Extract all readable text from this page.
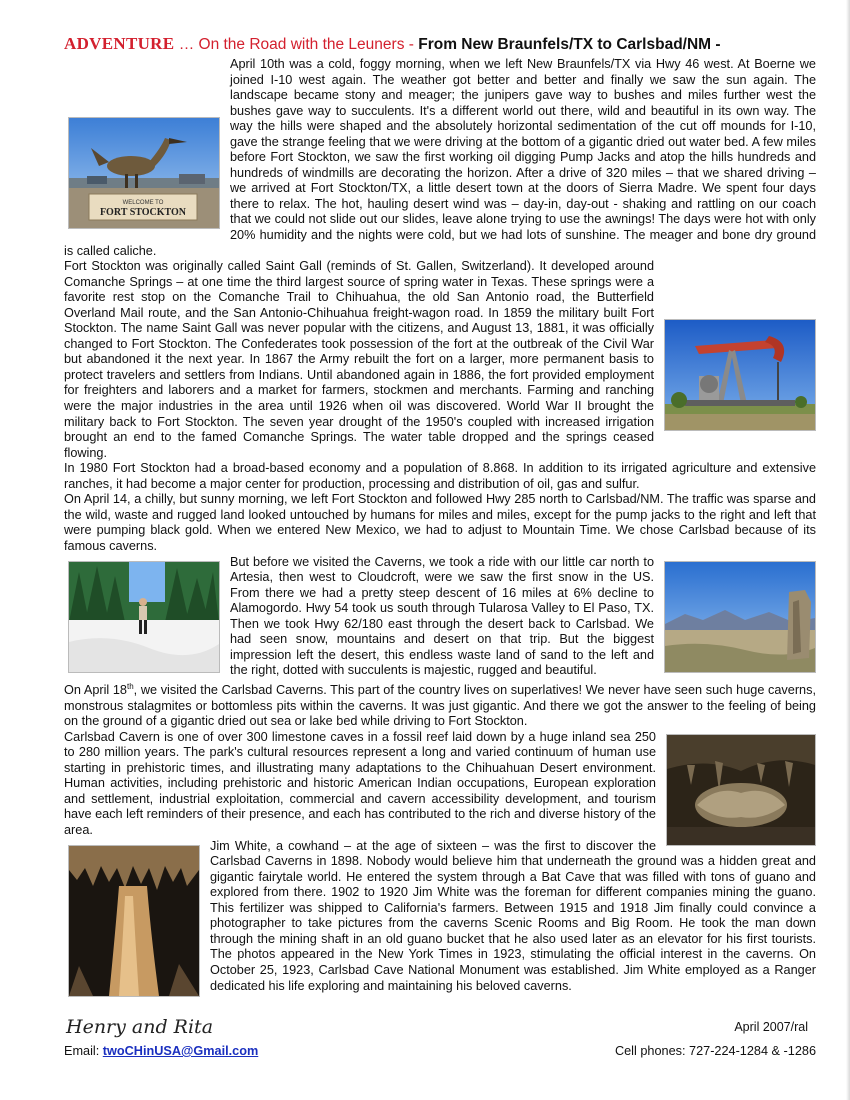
ADVENTURE … On the Road with the Leuners - From New Braunfels/TX to Carlsbad/NM -
WELCOME TO
FORT STOCKTON

April 10th was a cold, foggy morning, when we left New Braunfels/TX via Hwy 46 west. At Boerne we joined I-10 west again. The weather got better and better and finally we saw the sun again. The landscape became stony and meager; the junipers gave way to bushes and miles further west the bushes gave way to succulents. It's a different world out there, wild and beautiful in its own way. The way the hills were shaped and the absolutely horizontal sedimentation of the cut off mounds for I-10, gave the strange feeling that we were driving at the bottom of a gigantic dried out water bed. A few miles before Fort Stockton, we saw the first working oil digging Pump Jacks and atop the hills hundreds and hundreds of windmills are decorating the horizon. After a drive of 320 miles – that we shared driving – we arrived at Fort Stockton/TX, a little desert town at the doors of Sierra Madre. We spent four days there to relax. The hot, hauling desert wind was – day-in, day-out - shaking and rattling on our coach that we could not slide out our slides, leave alone trying to use the awnings! The days were hot with only 20% humidity and the nights were cold, but we had lots of sunshine. The meager and bone dry ground is called caliche.

Fort Stockton was originally called Saint Gall (reminds of St. Gallen, Switzerland). It developed around Comanche Springs – at one time the third largest source of spring water in Texas. These springs were a favorite rest stop on the Comanche Trail to Chihuahua, the old San Antonio road, the Butterfield Overland Mail route, and the San Antonio-Chihuahua freight-wagon road. In 1859 the military built Fort Stockton. The name Saint Gall was never popular with the citizens, and August 13, 1881, it was officially changed to Fort Stockton. The Confederates took possession of the fort at the outbreak of the Civil War but abandoned it the next year. In 1867 the Army rebuilt the fort on a larger, more permanent basis to protect travelers and settlers from Indians. Until abandoned again in 1886, the fort provided employment for freighters and laborers and a market for farmers, stockmen and merchants. Farming and ranching were the major industries in the area until 1926 when oil was discovered. World War II brought the military back to Fort Stockton. The seven year drought of the 1950's coupled with increased irrigation brought an end to the famed Comanche Springs. The water table dropped and the springs ceased flowing.

In 1980 Fort Stockton had a broad-based economy and a population of 8.868. In addition to its irrigated agriculture and extensive ranches, it had become a major center for production, processing and distribution of oil, gas and sulfur.

On April 14, a chilly, but sunny morning, we left Fort Stockton and followed Hwy 285 north to Carlsbad/NM. The traffic was sparse and the wild, waste and rugged land looked untouched by humans for miles and miles, except for the pump jacks to the right and left that were pumping black gold. When we entered New Mexico, we had to adjust to Mountain Time. We chose Carlsbad because of its famous caverns.

But before we visited the Caverns, we took a ride with our little car north to Artesia, then west to Cloudcroft, were we saw the first snow in the US. From there we had a pretty steep descent of 16 miles at 6% decline to Alamogordo. Hwy 54 took us south through Tularosa Valley to El Paso, TX. Then we took Hwy 62/180 east through the desert back to Carlsbad. We had seen snow, mountains and desert on that trip. But the biggest impression left the desert, this endless waste land of sand to the left and the right, dotted with succulents is majestic, rugged and beautiful.

On April 18th, we visited the Carlsbad Caverns. This part of the country lives on superlatives! We never have seen such huge caverns, monstrous stalagmites or bottomless pits within the caverns. It was just gigantic. And there we got the answer to the feeling of being on the ground of a gigantic dried out sea or lake bed while driving to Fort Stockton.

Carlsbad Cavern is one of over 300 limestone caves in a fossil reef laid down by a huge inland sea 250 to 280 million years. The park's cultural resources represent a long and varied continuum of human use starting in prehistoric times, and illustrating many adaptations to the Chihuahuan Desert environment. Human activities, including prehistoric and historic American Indian occupations, European exploration and settlement, industrial exploitation, commercial and cavern accessibility development, and tourism have each left reminders of their presence, and each has contributed to the rich and diverse history of the area.

Jim White, a cowhand – at the age of sixteen – was the first to discover the Carlsbad Caverns in 1898. Nobody would believe him that underneath the ground was a hidden great and gigantic fairytale world. He entered the system through a Bat Cave that was filled with tons of guano and explored from there. 1902 to 1920 Jim White was the foreman for different companies mining the guano. This fertilizer was shipped to California's farmers. Between 1915 and 1918 Jim finally could convince a photographer to take pictures from the caverns Scenic Rooms and Big Room. He took the man down through the mining shaft in an old guano bucket that he also used later as an elevator for his first tourists. The photos appeared in the New York Times in 1923, stimulating the official interest in the caverns. On October 25, 1923, Carlsbad Cave National Monument was established. Jim White employed as a Ranger dedicated his life exploring and maintaining his beloved caverns.

Henry and Rita	April 2007/ral
Email: twoCHinUSA@Gmail.com	Cell phones: 727-224-1284 & -1286
